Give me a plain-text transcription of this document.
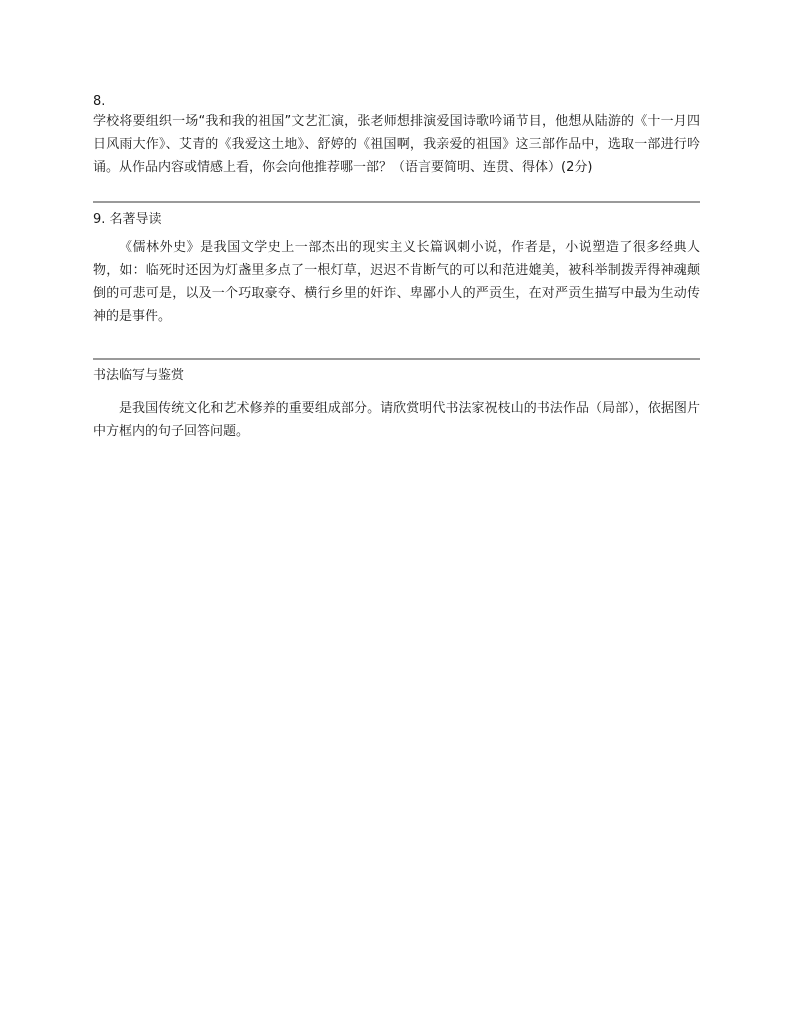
8.
学校将要组织一场“我和我的祖国”文艺汇演，张老师想排演爱国诗歌吟诵节目，他想从陆游的《十一月四日风雨大作》、艾青的《我爱这土地》、舒婷的《祖国啊，我亲爱的祖国》这三部作品中，选取一部进行吟诵。从作品内容或情感上看，你会向他推荐哪一部？（语言要简明、连贯、得体）(2分)
9. 名著导读
《儒林外史》是我国文学史上一部杰出的现实主义长篇讽刺小说，作者是，小说塑造了很多经典人物，如：临死时还因为灯盏里多点了一根灯草，迟迟不肯断气的可以和范进媲美，被科举制拨弄得神魂颠倒的可悲可是，以及一个巧取豪夺、横行乡里的奸诈、卑鄙小人的严贡生，在对严贡生描写中最为生动传神的是事件。
书法临写与鉴赏
是我国传统文化和艺术修养的重要组成部分。请欣赏明代书法家祝枝山的书法作品（局部），依据图片中方框内的句子回答问题。
